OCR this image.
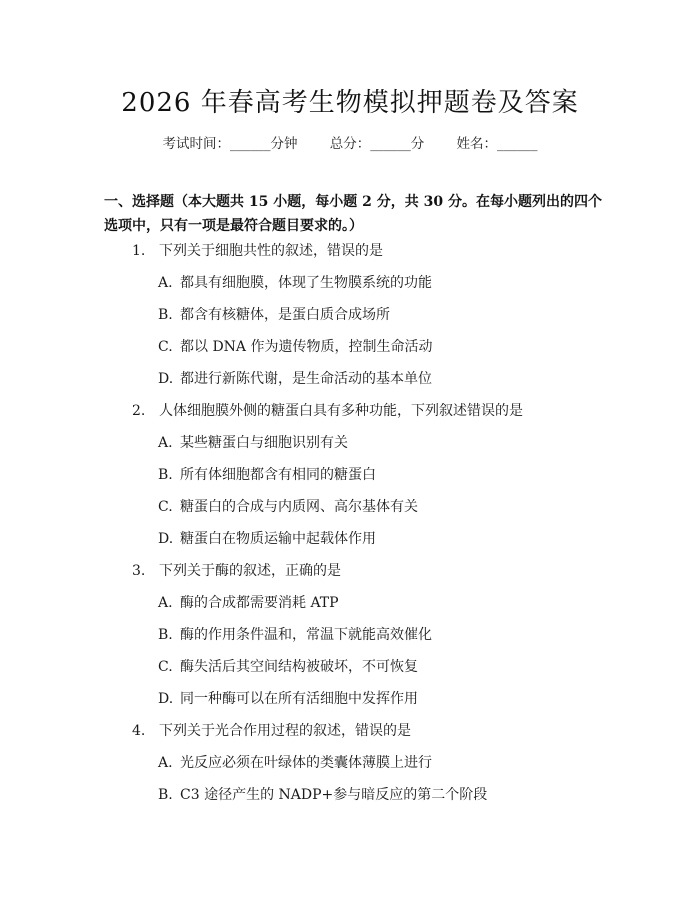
2026 年春高考生物模拟押题卷及答案
考试时间：______分钟 总分：______分 姓名：______
一、选择题（本大题共 15 小题，每小题 2 分，共 30 分。在每小题列出的四个选项中，只有一项是最符合题目要求的。）
1. 下列关于细胞共性的叙述，错误的是
A. 都具有细胞膜，体现了生物膜系统的功能
B. 都含有核糖体，是蛋白质合成场所
C. 都以 DNA 作为遗传物质，控制生命活动
D. 都进行新陈代谢，是生命活动的基本单位
2. 人体细胞膜外侧的糖蛋白具有多种功能，下列叙述错误的是
A. 某些糖蛋白与细胞识别有关
B. 所有体细胞都含有相同的糖蛋白
C. 糖蛋白的合成与内质网、高尔基体有关
D. 糖蛋白在物质运输中起载体作用
3. 下列关于酶的叙述，正确的是
A. 酶的合成都需要消耗 ATP
B. 酶的作用条件温和，常温下就能高效催化
C. 酶失活后其空间结构被破坏，不可恢复
D. 同一种酶可以在所有活细胞中发挥作用
4. 下列关于光合作用过程的叙述，错误的是
A. 光反应必须在叶绿体的类囊体薄膜上进行
B. C3 途径产生的 NADP+参与暗反应的第二个阶段
